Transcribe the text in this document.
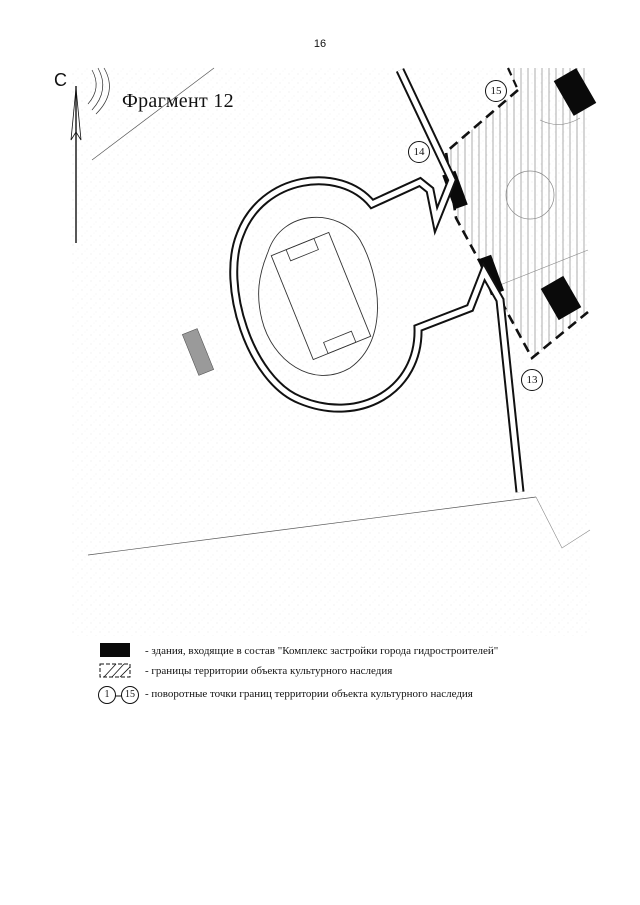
16
С
Фрагмент 12	15
14
13
- здания, входящие в состав "Комплекс застройки города гидростроителей"
- границы территории объекта культурного наследия
1	15 - поворотные точки границ территории объекта культурного наследия
